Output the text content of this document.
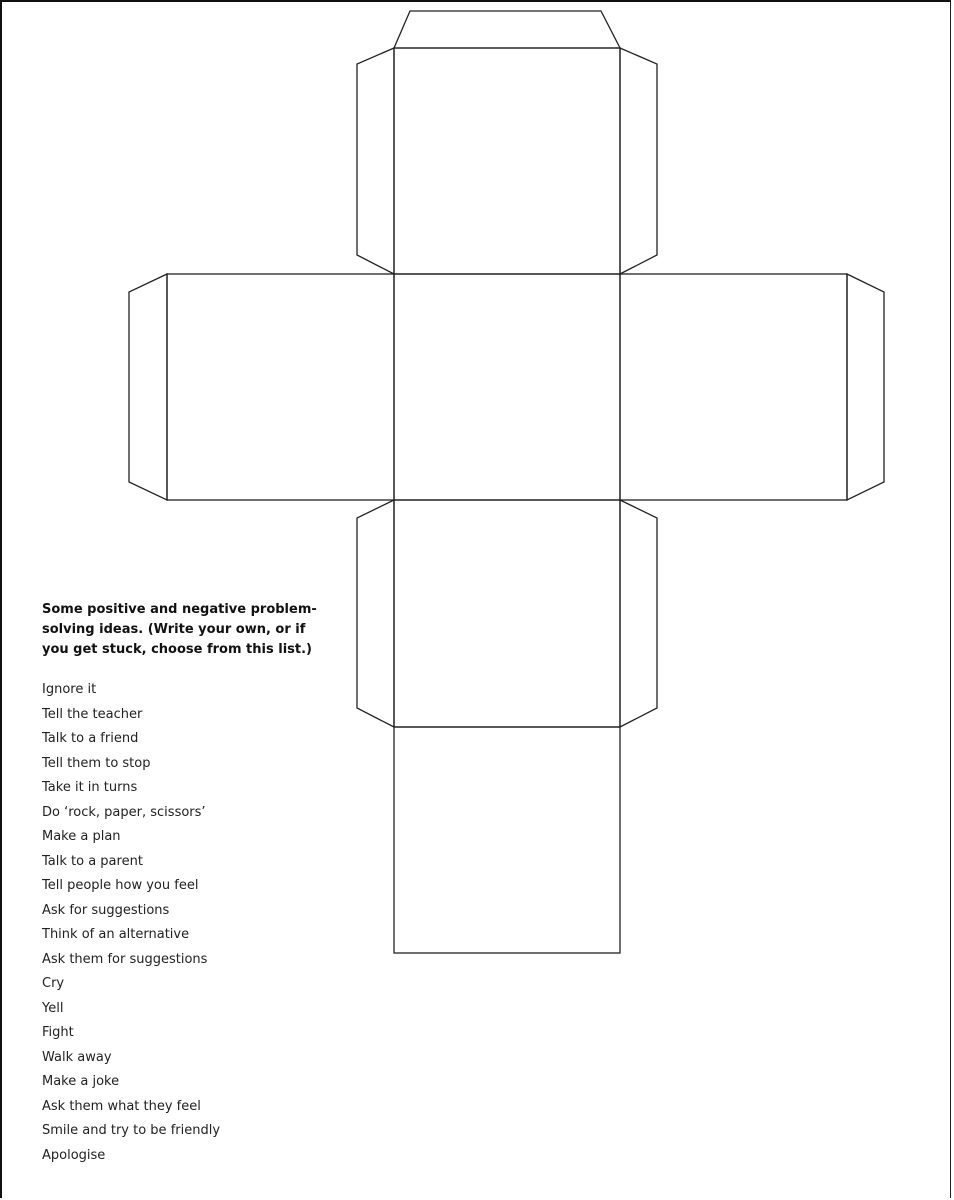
Some positive and negative problem-solving ideas. (Write your own, or if you get stuck, choose from this list.)

Ignore it
Tell the teacher
Talk to a friend
Tell them to stop
Take it in turns
Do ‘rock, paper, scissors’
Make a plan
Talk to a parent
Tell people how you feel
Ask for suggestions
Think of an alternative
Ask them for suggestions
Cry
Yell
Fight
Walk away
Make a joke
Ask them what they feel
Smile and try to be friendly
Apologise
